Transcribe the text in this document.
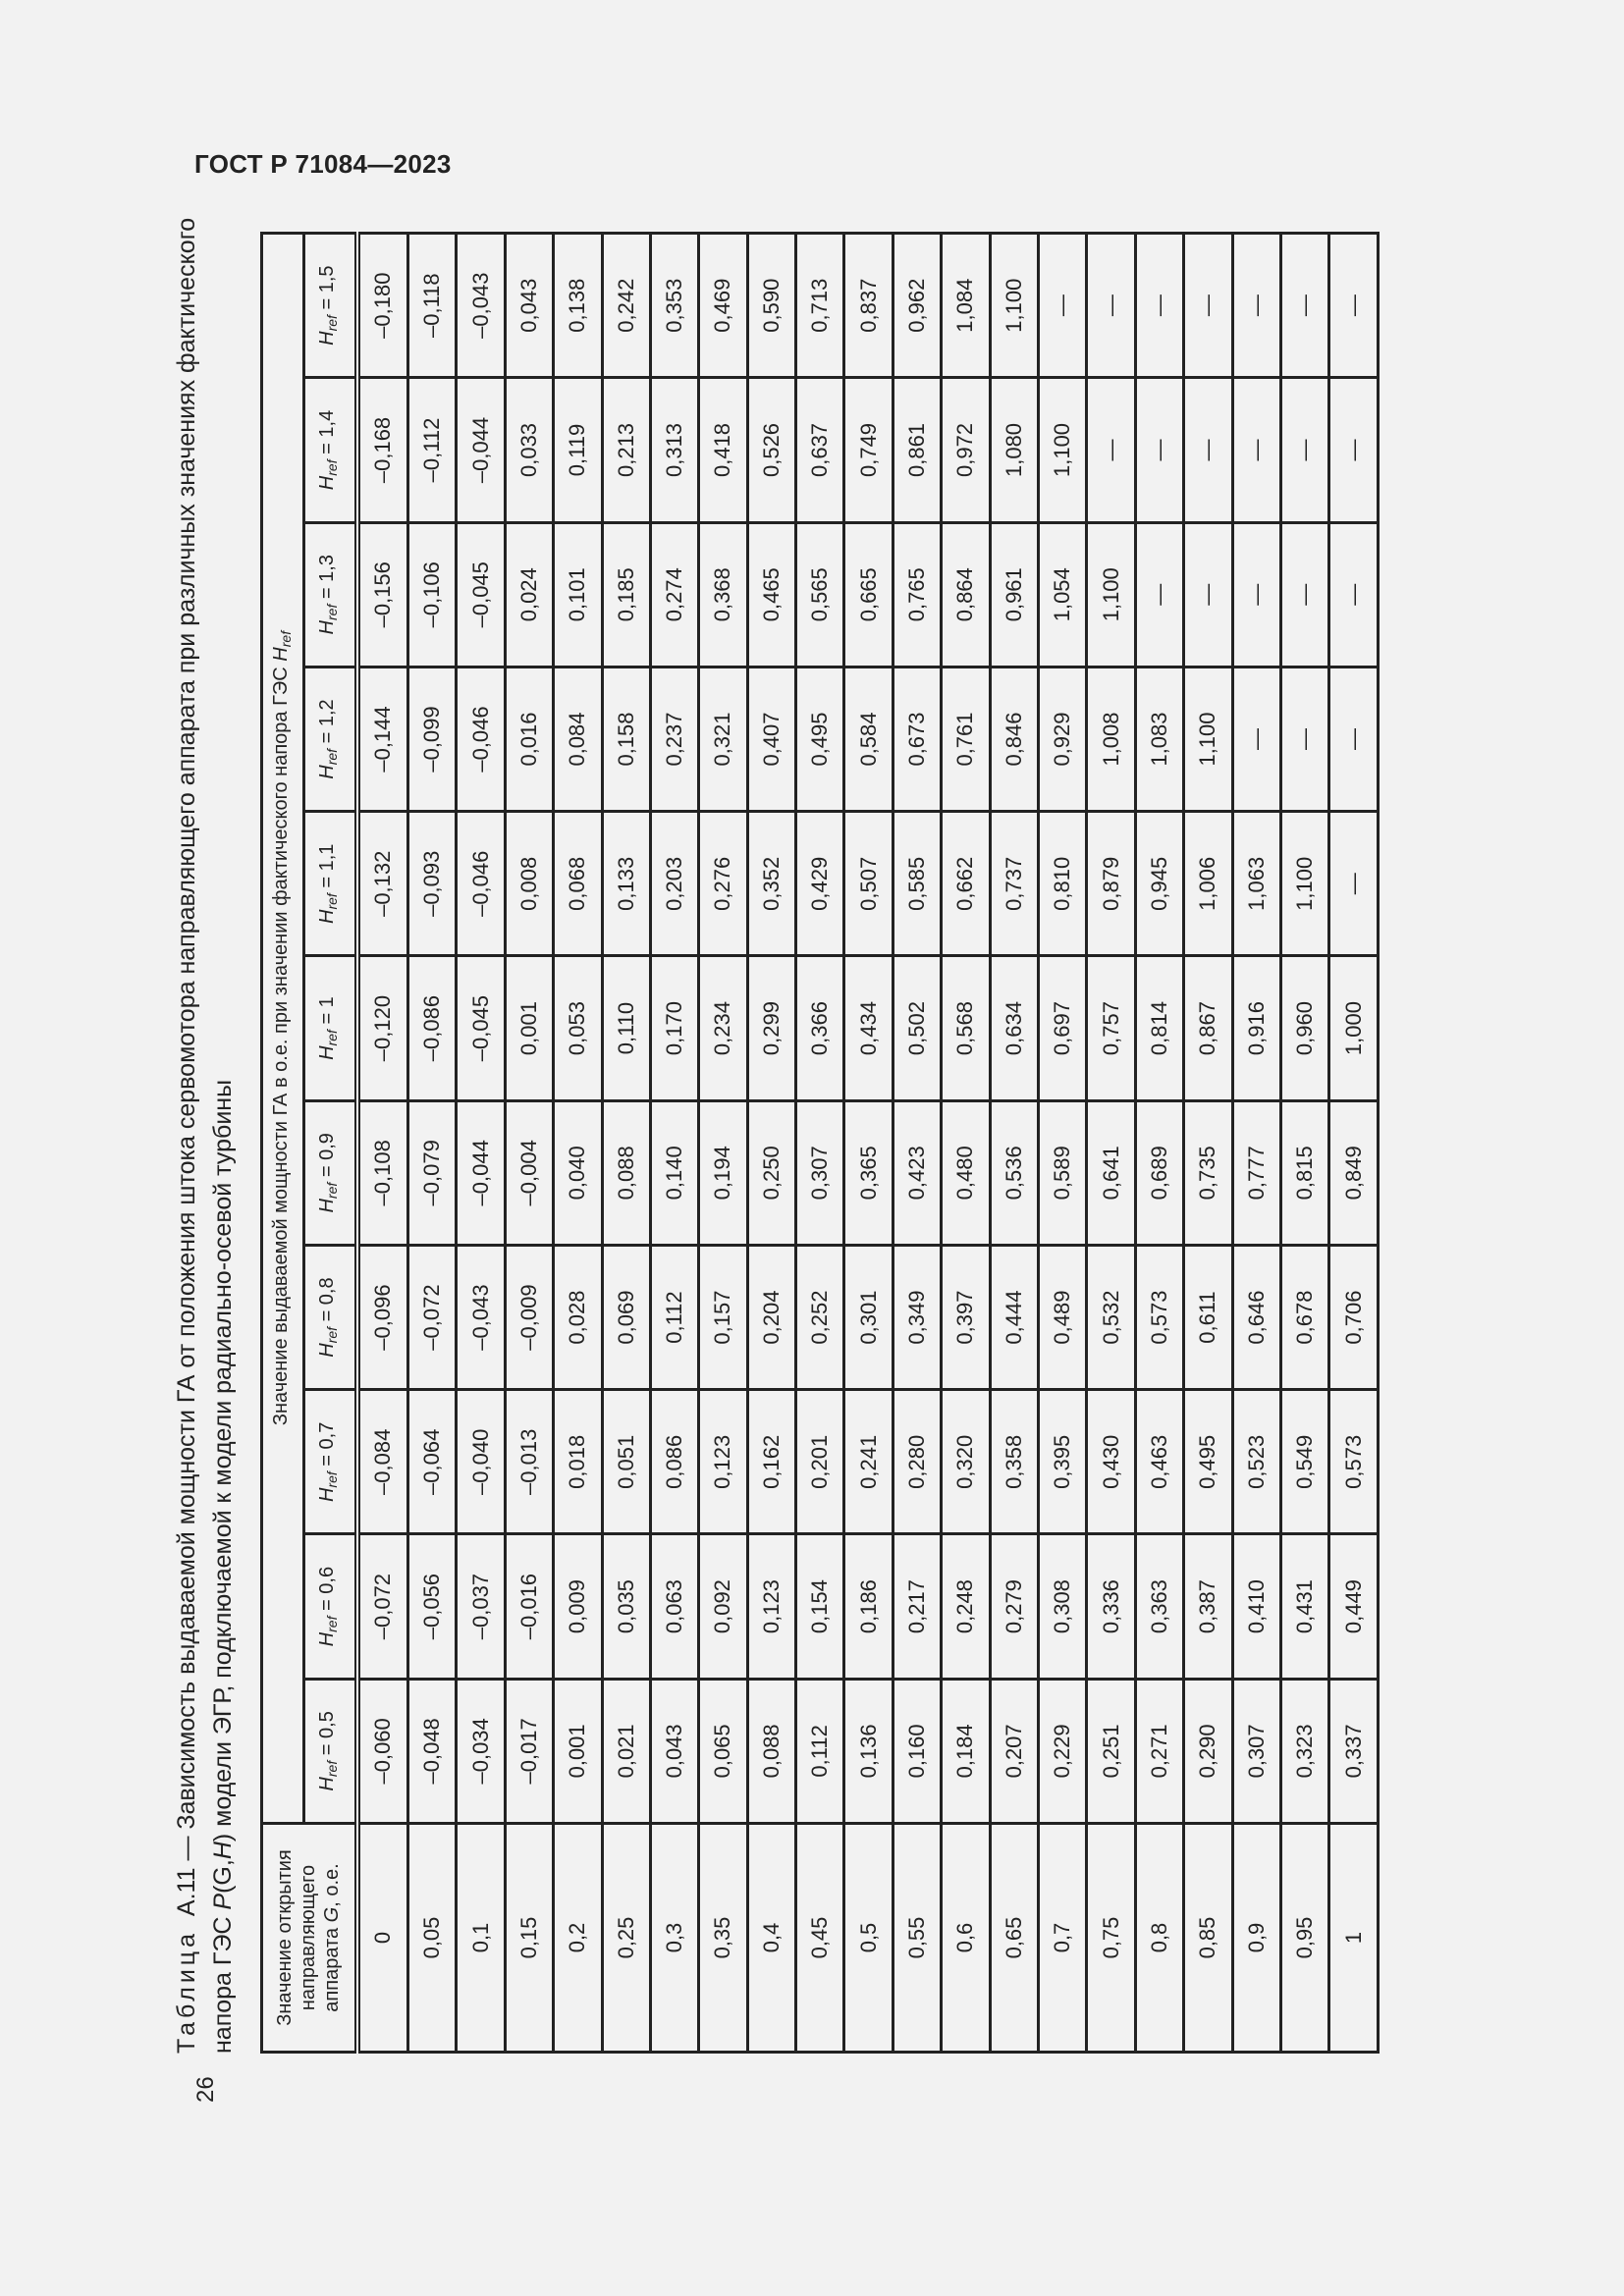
ГОСТ Р 71084—2023
26
Таблица  А.11 — Зависимость выдаваемой мощности ГА от положения штока сервомотора направляющего аппарата при различных значениях фактического
напора ГЭС P(G,H) модели ЭГР, подключаемой к модели радиально-осевой турбины
Значение открытия направляющего аппарата G, о.е.	Значение выдаваемой мощности ГА в о.е. при значении фактического напора ГЭС $H_{ref}$
	$H_{ref} = 0,5$	$H_{ref} = 0,6$	$H_{ref} = 0,7$	$H_{ref} = 0,8$	$H_{ref} = 0,9$	$H_{ref} = 1$	$H_{ref} = 1,1$	$H_{ref} = 1,2$	$H_{ref} = 1,3$	$H_{ref} = 1,4$	$H_{ref} = 1,5$
0	–0,060	–0,072	–0,084	–0,096	–0,108	–0,120	–0,132	–0,144	–0,156	–0,168	–0,180
0,05	–0,048	–0,056	–0,064	–0,072	–0,079	–0,086	–0,093	–0,099	–0,106	–0,112	–0,118
0,1	–0,034	–0,037	–0,040	–0,043	–0,044	–0,045	–0,046	–0,046	–0,045	–0,044	–0,043
0,15	–0,017	–0,016	–0,013	–0,009	–0,004	0,001	0,008	0,016	0,024	0,033	0,043
0,2	0,001	0,009	0,018	0,028	0,040	0,053	0,068	0,084	0,101	0,119	0,138
0,25	0,021	0,035	0,051	0,069	0,088	0,110	0,133	0,158	0,185	0,213	0,242
0,3	0,043	0,063	0,086	0,112	0,140	0,170	0,203	0,237	0,274	0,313	0,353
0,35	0,065	0,092	0,123	0,157	0,194	0,234	0,276	0,321	0,368	0,418	0,469
0,4	0,088	0,123	0,162	0,204	0,250	0,299	0,352	0,407	0,465	0,526	0,590
0,45	0,112	0,154	0,201	0,252	0,307	0,366	0,429	0,495	0,565	0,637	0,713
0,5	0,136	0,186	0,241	0,301	0,365	0,434	0,507	0,584	0,665	0,749	0,837
0,55	0,160	0,217	0,280	0,349	0,423	0,502	0,585	0,673	0,765	0,861	0,962
0,6	0,184	0,248	0,320	0,397	0,480	0,568	0,662	0,761	0,864	0,972	1,084
0,65	0,207	0,279	0,358	0,444	0,536	0,634	0,737	0,846	0,961	1,080	1,100
0,7	0,229	0,308	0,395	0,489	0,589	0,697	0,810	0,929	1,054	1,100	—
0,75	0,251	0,336	0,430	0,532	0,641	0,757	0,879	1,008	1,100	—	—
0,8	0,271	0,363	0,463	0,573	0,689	0,814	0,945	1,083	—	—	—
0,85	0,290	0,387	0,495	0,611	0,735	0,867	1,006	1,100	—	—	—
0,9	0,307	0,410	0,523	0,646	0,777	0,916	1,063	—	—	—	—
0,95	0,323	0,431	0,549	0,678	0,815	0,960	1,100	—	—	—	—
1	0,337	0,449	0,573	0,706	0,849	1,000	—	—	—	—	—
